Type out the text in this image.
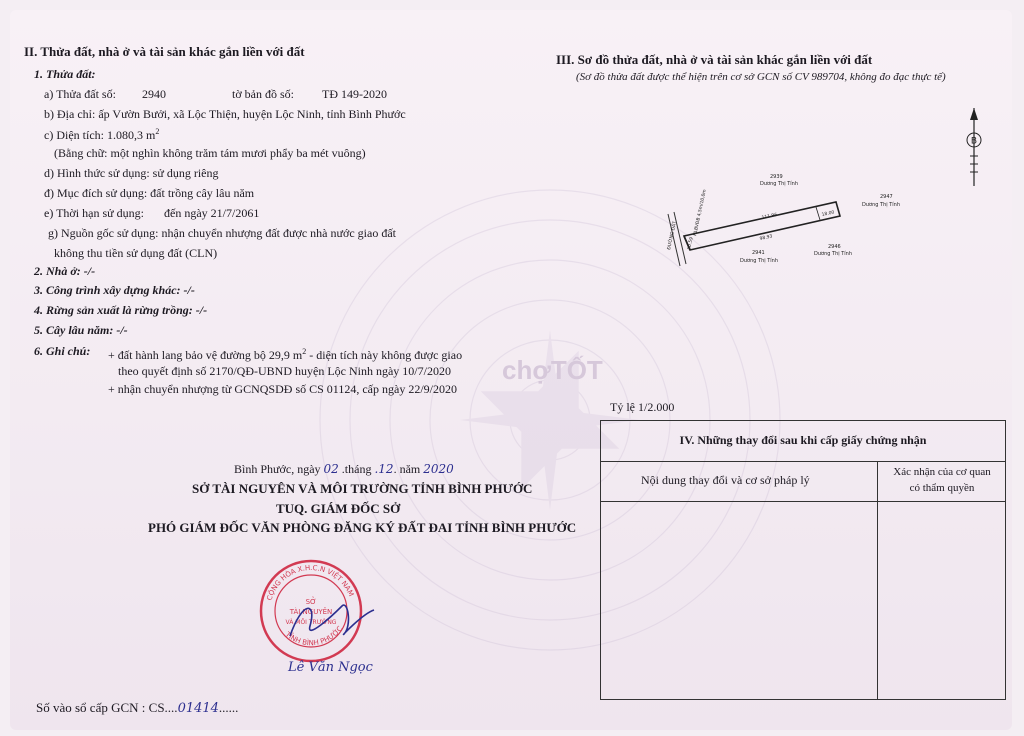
chợTỐT
II. Thửa đất, nhà ở và tài sản khác gắn liền với đất
1. Thửa đất:
a) Thửa đất số: 2940	tờ bản đồ số: TĐ 149-2020
b) Địa chỉ: ấp Vườn Bưởi, xã Lộc Thiện, huyện Lộc Ninh, tỉnh Bình Phước
c) Diện tích: 1.080,3 $m^2$
(Bằng chữ: một nghìn không trăm tám mươi phẩy ba mét vuông)
d) Hình thức sử dụng: sử dụng riêng
đ) Mục đích sử dụng: đất trồng cây lâu năm
e) Thời hạn sử dụng: đến ngày 21/7/2061
g) Nguồn gốc sử dụng: nhận chuyển nhượng đất được nhà nước giao đất
không thu tiền sử dụng đất (CLN)
2. Nhà ở: -/-
3. Công trình xây dựng khác: -/-
4. Rừng sản xuất là rừng trồng: -/-
5. Cây lâu năm: -/-
6. Ghi chú: + đất hành lang bảo vệ đường bộ 29,9 $m^2$ - diện tích này không được giao
theo quyết định số 2170/QĐ-UBND huyện Lộc Ninh ngày 10/7/2020
+ nhận chuyển nhượng từ GCNQSDĐ số CS 01124, cấp ngày 22/9/2020
Bình Phước, ngày 02 .tháng .12. năm 2020
SỞ TÀI NGUYÊN VÀ MÔI TRƯỜNG TỈNH BÌNH PHƯỚC
TUQ. GIÁM ĐỐC SỞ
PHÓ GIÁM ĐỐC VĂN PHÒNG ĐĂNG KÝ ĐẤT ĐAI TỈNH BÌNH PHƯỚC
CỘNG HÒA X.H.C.N VIỆT NAM
TỈNH BÌNH PHƯỚC
SỞ
TÀI NGUYÊN
VÀ MÔI TRƯỜNG
Lê Văn Ngọc
Số vào sổ cấp GCN : CS....01414......
III. Sơ đồ thửa đất, nhà ở và tài sản khác gắn liền với đất
(Sơ đồ thửa đất được thể hiện trên cơ sở GCN số CV 989704, không đo đạc thực tế)
B
2939
Dương Thị Tính
2947
Dương Thị Tính
2941
Dương Thị Tính
2946
Dương Thị Tính
111.96	18.00
98.93
10.59
ĐƯỜNG ĐẤT	HLBVĐB 4,5m/10,0m
Tỷ lệ 1/2.000
IV. Những thay đổi sau khi cấp giấy chứng nhận
Nội dung thay đổi và cơ sở pháp lý
Xác nhận của cơ quan
có thẩm quyền
